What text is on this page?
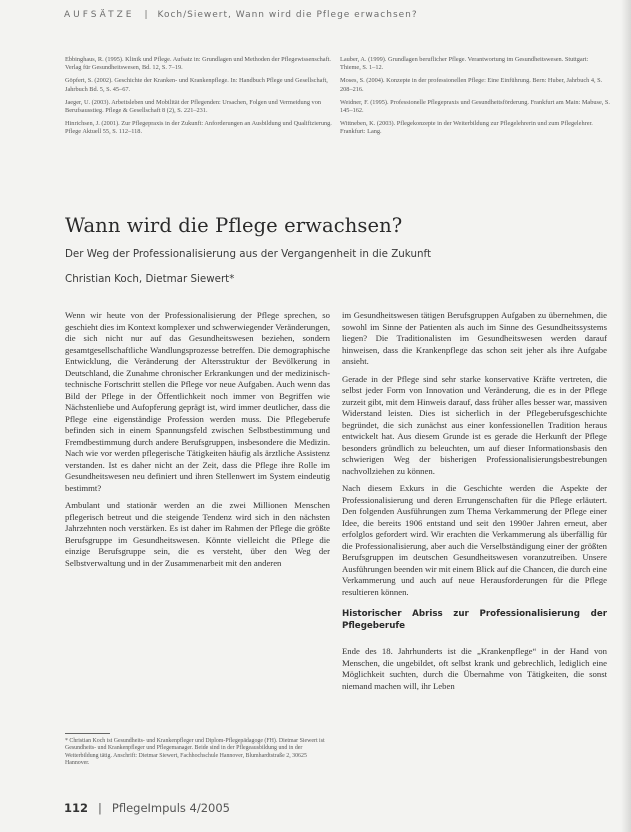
AUFSÄTZE | Koch/Siewert, Wann wird die Pflege erwachsen?

Ebbinghaus, R. (1995). Klinik und Pflege. Aufsatz in: Grundlagen und Methoden der Pflegewissenschaft. Verlag für Gesundheitswesen, Bd. 12, S. 7–19.

Göpfert, S. (2002). Geschichte der Kranken- und Krankenpflege. In: Handbuch Pflege und Gesellschaft, Jahrbuch Bd. 5, S. 45–67.

Jaeger, U. (2003). Arbeitsleben und Mobilität der Pflegenden: Ursachen, Folgen und Vermeidung von Berufsausstieg. Pflege & Gesellschaft 8 (2), S. 221–231.

Hinrichsen, J. (2001). Zur Pflegepraxis in der Zukunft: Anforderungen an Ausbildung und Qualifizierung. Pflege Aktuell 55, S. 112–118.

Lauber, A. (1999). Grundlagen beruflicher Pflege. Verantwortung im Gesundheitswesen. Stuttgart: Thieme, S. 1–12.

Moses, S. (2004). Konzepte in der professionellen Pflege: Eine Einführung. Bern: Huber, Jahrbuch 4, S. 208–216.

Weidner, F. (1995). Professionelle Pflegepraxis und Gesundheitsförderung. Frankfurt am Main: Mabuse, S. 145–162.

Wittneben, K. (2003). Pflegekonzepte in der Weiterbildung zur Pflegelehrerin und zum Pflegelehrer. Frankfurt: Lang.

Wann wird die Pflege erwachsen?
Der Weg der Professionalisierung aus der Vergangenheit in die Zukunft
Christian Koch, Dietmar Siewert*

Wenn wir heute von der Professionalisierung der Pflege sprechen, so geschieht dies im Kontext komplexer und schwerwiegender Veränderungen, die sich nicht nur auf das Gesundheitswesen beziehen, sondern gesamtgesellschaftliche Wandlungsprozesse betreffen. Die demographische Entwicklung, die Veränderung der Altersstruktur der Bevölkerung in Deutschland, die Zunahme chronischer Erkrankungen und der medizinisch-technische Fortschritt stellen die Pflege vor neue Aufgaben. Auch wenn das Bild der Pflege in der Öffentlichkeit noch immer von Begriffen wie Nächstenliebe und Aufopferung geprägt ist, wird immer deutlicher, dass die Pflege eine eigenständige Profession werden muss. Die Pflegeberufe befinden sich in einem Spannungsfeld zwischen Selbstbestimmung und Fremdbestimmung durch andere Berufsgruppen, insbesondere die Medizin. Nach wie vor werden pflegerische Tätigkeiten häufig als ärztliche Assistenz verstanden. Ist es daher nicht an der Zeit, dass die Pflege ihre Rolle im Gesundheitswesen neu definiert und ihren Stellenwert im System eindeutig bestimmt?

Ambulant und stationär werden an die zwei Millionen Menschen pflegerisch betreut und die steigende Tendenz wird sich in den nächsten Jahrzehnten noch verstärken. Es ist daher im Rahmen der Pflege die größte Berufsgruppe im Gesundheitswesen. Könnte vielleicht die Pflege die einzige Berufsgruppe sein, die es versteht, über den Weg der Selbstverwaltung und in der Zusammenarbeit mit den anderen

im Gesundheitswesen tätigen Berufsgruppen Aufgaben zu übernehmen, die sowohl im Sinne der Patienten als auch im Sinne des Gesundheitssystems liegen? Die Traditionalisten im Gesundheitswesen werden darauf hinweisen, dass die Krankenpflege das schon seit jeher als ihre Aufgabe ansieht.

Gerade in der Pflege sind sehr starke konservative Kräfte vertreten, die selbst jeder Form von Innovation und Veränderung, die es in der Pflege zurzeit gibt, mit dem Hinweis darauf, dass früher alles besser war, massiven Widerstand leisten. Dies ist sicherlich in der Pflegeberufsgeschichte begründet, die sich zunächst aus einer konfessionellen Tradition heraus entwickelt hat. Aus diesem Grunde ist es gerade die Herkunft der Pflege besonders gründlich zu beleuchten, um auf dieser Informationsbasis den schwierigen Weg der bisherigen Professionalisierungsbestrebungen nachvollziehen zu können.

Nach diesem Exkurs in die Geschichte werden die Aspekte der Professionalisierung und deren Errungenschaften für die Pflege erläutert. Den folgenden Ausführungen zum Thema Verkammerung der Pflege einer Idee, die bereits 1906 entstand und seit den 1990er Jahren erneut, aber erfolglos gefordert wird. Wir erachten die Verkammerung als überfällig für die Professionalisierung, aber auch die Verselbständigung einer der größten Berufsgruppen im deutschen Gesundheitswesen voranzutreiben. Unsere Ausführungen beenden wir mit einem Blick auf die Chancen, die durch eine Verkammerung und auch auf neue Herausforderungen für die Pflege resultieren können.

Historischer Abriss zur Professionalisierung der Pflegeberufe

Ende des 18. Jahrhunderts ist die „Krankenpflege“ in der Hand von Menschen, die ungebildet, oft selbst krank und gebrechlich, lediglich eine Möglichkeit suchten, durch die Übernahme von Tätigkeiten, die sonst niemand machen will, ihr Leben

* Christian Koch ist Gesundheits- und Krankenpfleger und Diplom-Pflegepädagoge (FH). Dietmar Siewert ist Gesundheits- und Krankenpfleger und Pflegemanager. Beide sind in der Pflegeausbildung und in der Weiterbildung tätig. Anschrift: Dietmar Siewert, Fachhochschule Hannover, Blumhardtstraße 2, 30625 Hannover.
112 | PflegeImpuls 4/2005
